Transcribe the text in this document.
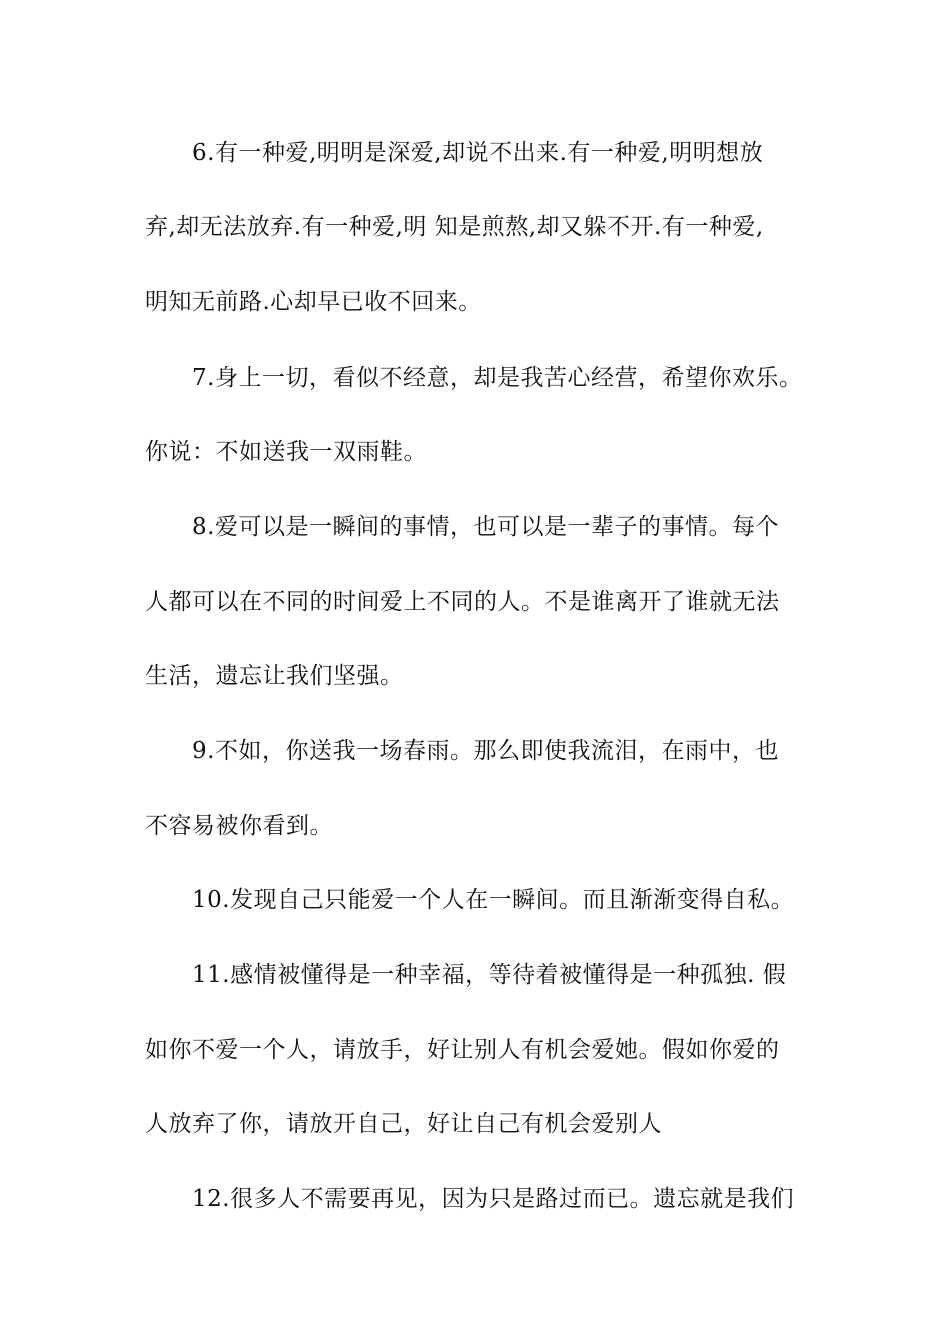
6.有一种爱,明明是深爱,却说不出来.有一种爱,明明想放
弃,却无法放弃.有一种爱,明 知是煎熬,却又躲不开.有一种爱,
明知无前路.心却早已收不回来。
7.身上一切，看似不经意，却是我苦心经营，希望你欢乐。
你说：不如送我一双雨鞋。
8.爱可以是一瞬间的事情，也可以是一辈子的事情。每个
人都可以在不同的时间爱上不同的人。不是谁离开了谁就无法
生活，遗忘让我们坚强。
9.不如，你送我一场春雨。那么即使我流泪，在雨中，也
不容易被你看到。
10.发现自己只能爱一个人在一瞬间。而且渐渐变得自私。
11.感情被懂得是一种幸福，等待着被懂得是一种孤独. 假
如你不爱一个人，请放手，好让别人有机会爱她。假如你爱的
人放弃了你，请放开自己，好让自己有机会爱别人
12.很多人不需要再见，因为只是路过而已。遗忘就是我们
